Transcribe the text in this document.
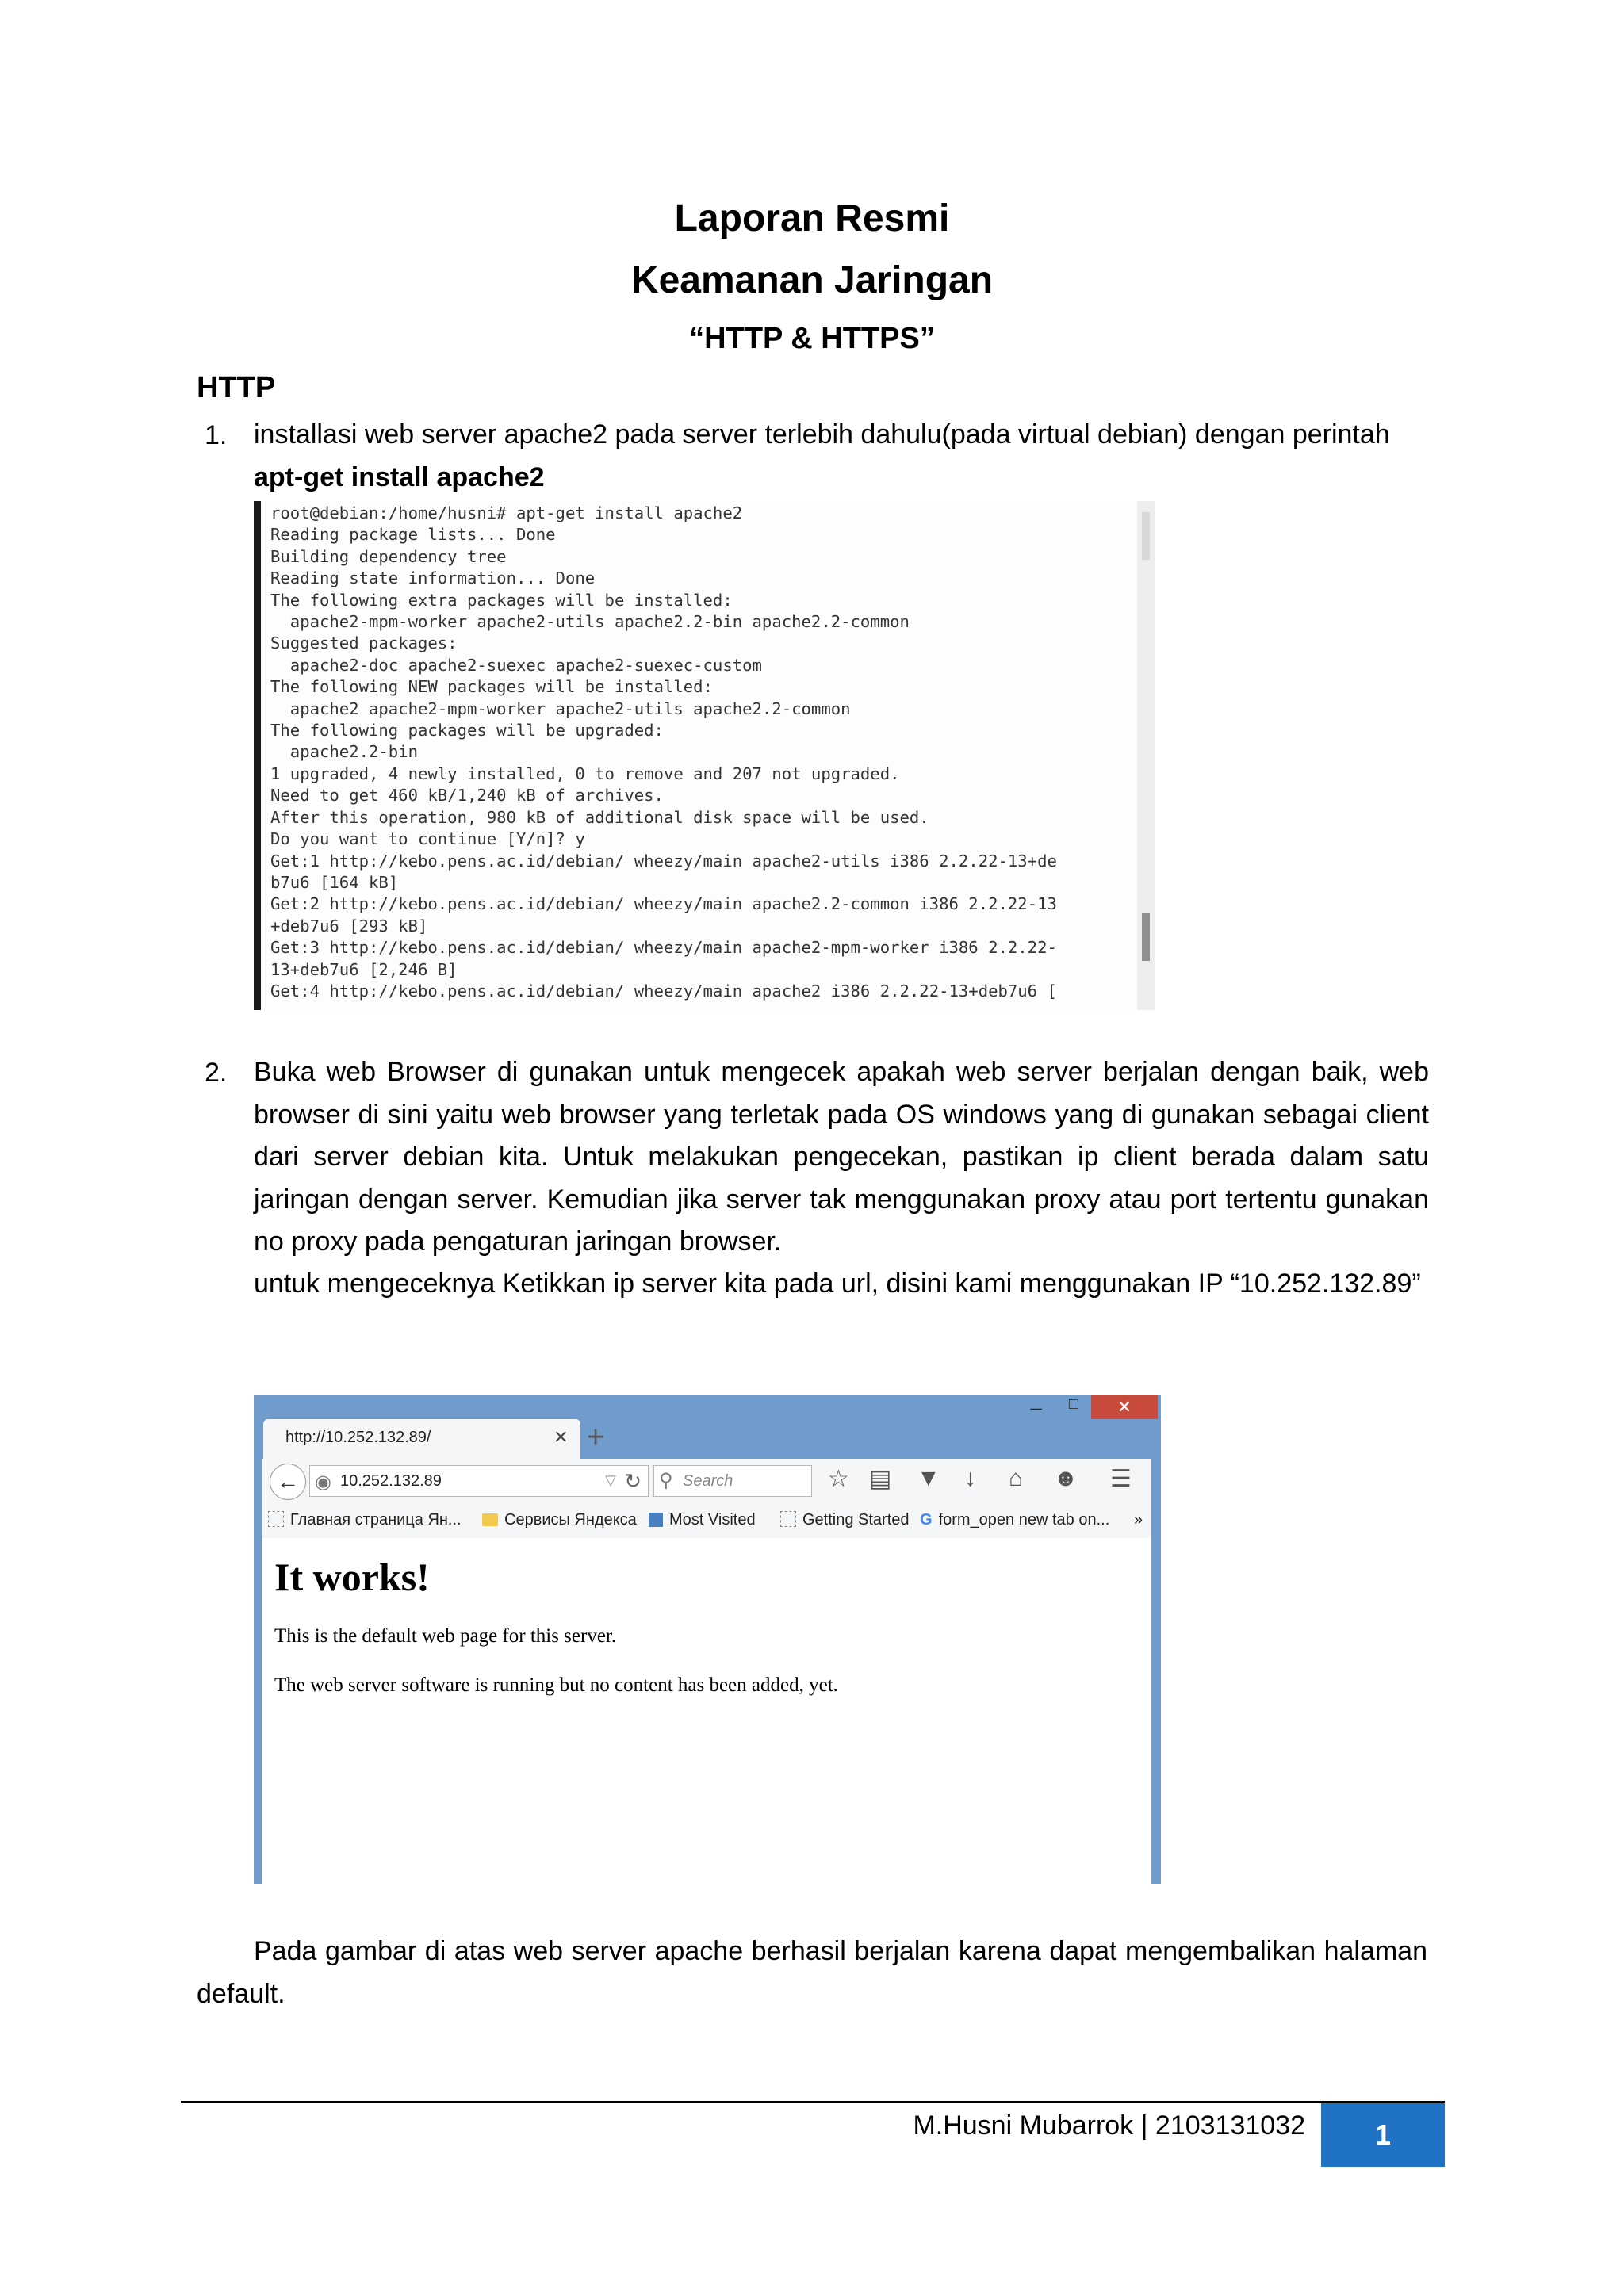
Laporan Resmi
Keamanan Jaringan
“HTTP & HTTPS”
HTTP
1. installasi web server apache2 pada server terlebih dahulu(pada virtual debian) dengan perintah
apt-get install apache2
root@debian:/home/husni# apt-get install apache2
Reading package lists... Done
Building dependency tree
Reading state information... Done
The following extra packages will be installed:
apache2-mpm-worker apache2-utils apache2.2-bin apache2.2-common
Suggested packages:
apache2-doc apache2-suexec apache2-suexec-custom
The following NEW packages will be installed:
apache2 apache2-mpm-worker apache2-utils apache2.2-common
The following packages will be upgraded:
apache2.2-bin
1 upgraded, 4 newly installed, 0 to remove and 207 not upgraded.
Need to get 460 kB/1,240 kB of archives.
After this operation, 980 kB of additional disk space will be used.
Do you want to continue [Y/n]? y
Get:1 http://kebo.pens.ac.id/debian/ wheezy/main apache2-utils i386 2.2.22-13+de
b7u6 [164 kB]
Get:2 http://kebo.pens.ac.id/debian/ wheezy/main apache2.2-common i386 2.2.22-13
+deb7u6 [293 kB]
Get:3 http://kebo.pens.ac.id/debian/ wheezy/main apache2-mpm-worker i386 2.2.22-
13+deb7u6 [2,246 B]
Get:4 http://kebo.pens.ac.id/debian/ wheezy/main apache2 i386 2.2.22-13+deb7u6 [
2. Buka web Browser di gunakan untuk mengecek apakah web server berjalan dengan baik, web browser di sini yaitu web browser yang terletak pada OS windows yang di gunakan sebagai client dari server debian kita. Untuk melakukan pengecekan, pastikan ip client berada dalam satu jaringan dengan server. Kemudian jika server tak menggunakan proxy atau port tertentu gunakan no proxy pada pengaturan jaringan browser.
untuk mengeceknya Ketikkan ip server kita pada url, disini kami menggunakan IP “10.252.132.89”
– □	✕
http://10.252.132.89/	× +
← ◉ 10.252.132.89	▽ ↻ ⚲ Search	☆ ▤ ▼ ↓ ⌂ ☻ ☰
Главная страница Ян...	Сервисы Яндекса	Most Visited	Getting Started G form_open new tab on... »
It works!
This is the default web page for this server.
The web server software is running but no content has been added, yet.
Pada gambar di atas web server apache berhasil berjalan karena dapat mengembalikan halaman default.
M.Husni Mubarrok | 2103131032	1
